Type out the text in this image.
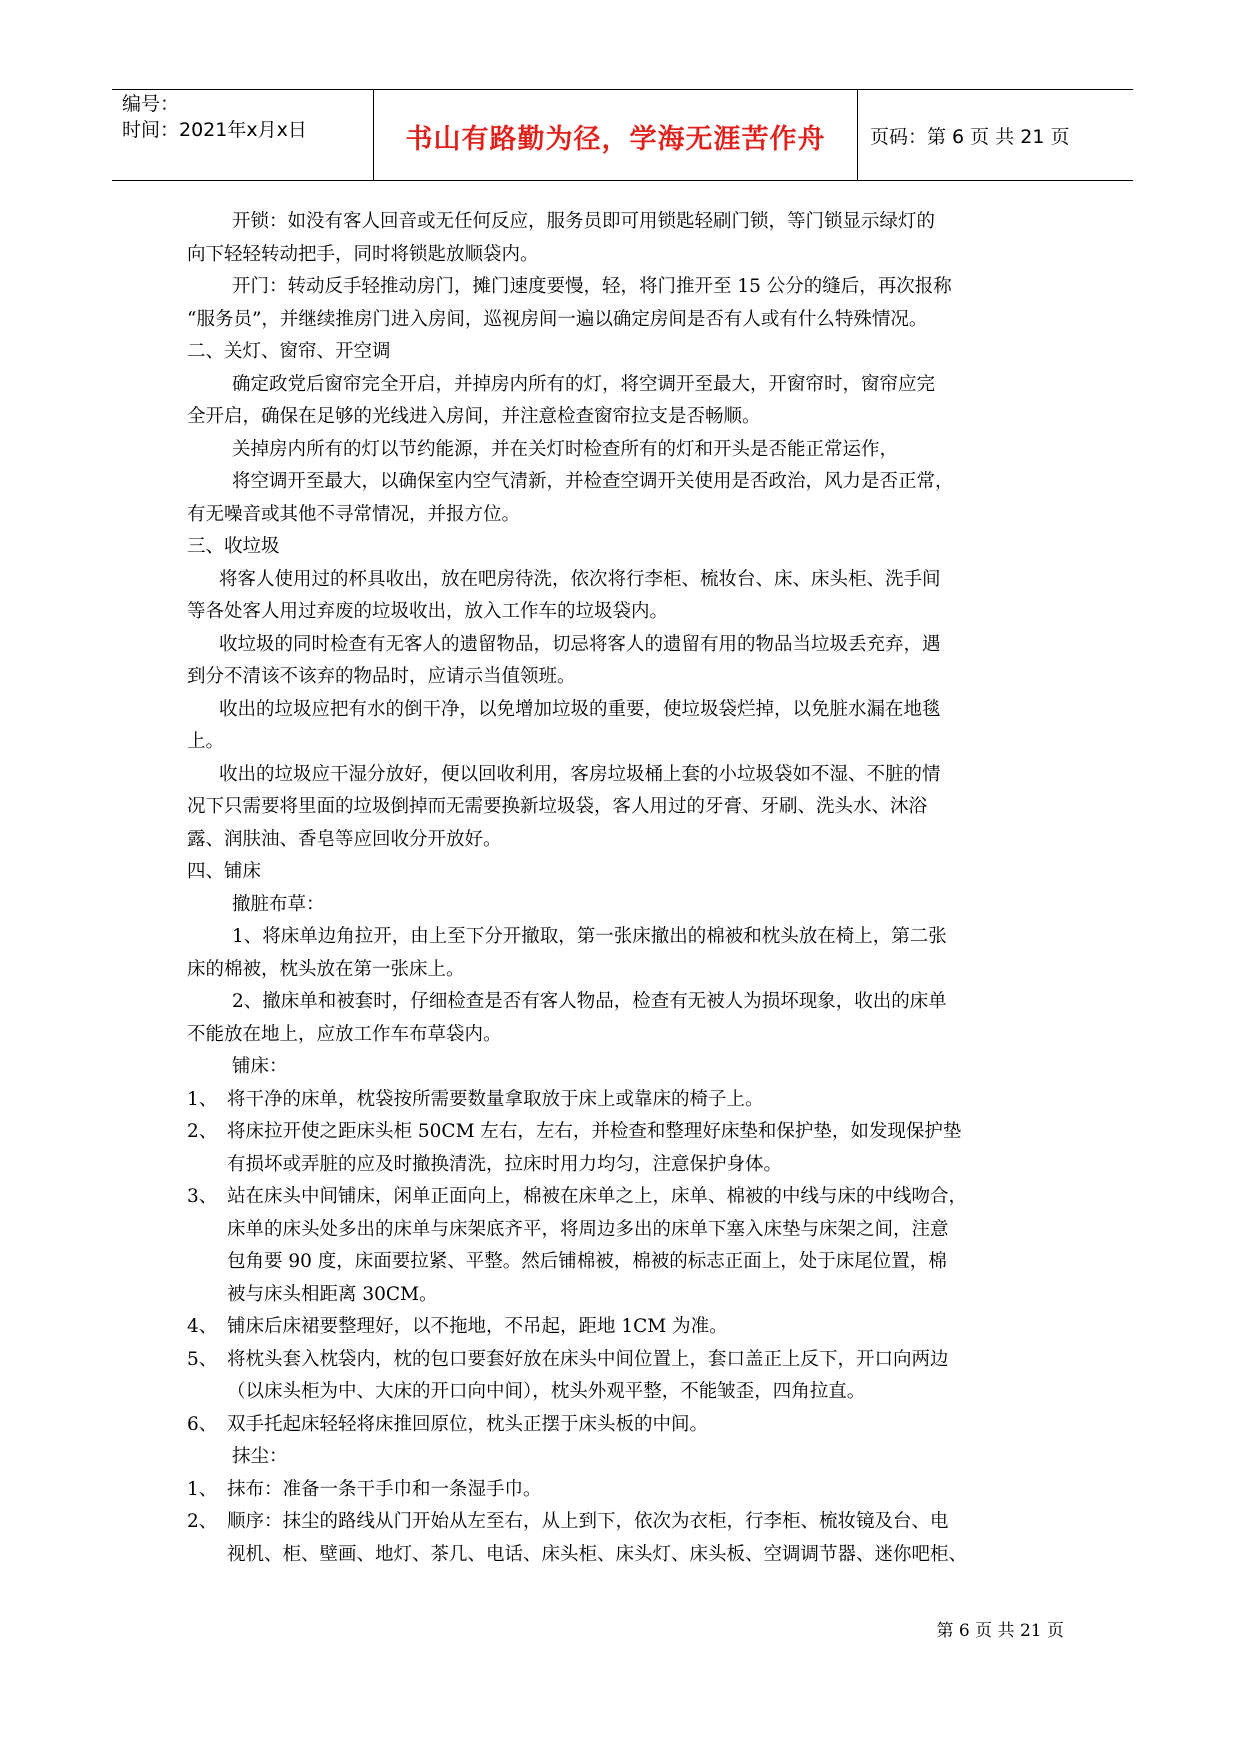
编号：
时间：2021年x月x日	书山有路勤为径，学海无涯苦作舟 页码：第 6 页 共 21 页

开锁：如没有客人回音或无任何反应，服务员即可用锁匙轻刷门锁，等门锁显示绿灯的

向下轻轻转动把手，同时将锁匙放顺袋内。

开门：转动反手轻推动房门，摊门速度要慢，轻，将门推开至 15 公分的缝后，再次报称

“服务员”，并继续推房门进入房间，巡视房间一遍以确定房间是否有人或有什么特殊情况。

二、关灯、窗帘、开空调

确定政党后窗帘完全开启，并掉房内所有的灯，将空调开至最大，开窗帘时，窗帘应完

全开启，确保在足够的光线进入房间，并注意检查窗帘拉支是否畅顺。

关掉房内所有的灯以节约能源，并在关灯时检查所有的灯和开头是否能正常运作，

将空调开至最大，以确保室内空气清新，并检查空调开关使用是否政治，风力是否正常，

有无噪音或其他不寻常情况，并报方位。

三、收垃圾

将客人使用过的杯具收出，放在吧房待洗，依次将行李柜、梳妆台、床、床头柜、洗手间

等各处客人用过弃废的垃圾收出，放入工作车的垃圾袋内。

收垃圾的同时检查有无客人的遗留物品，切忌将客人的遗留有用的物品当垃圾丢充弃，遇

到分不清该不该弃的物品时，应请示当值领班。

收出的垃圾应把有水的倒干净，以免增加垃圾的重要，使垃圾袋烂掉，以免脏水漏在地毯

上。

收出的垃圾应干湿分放好，便以回收利用，客房垃圾桶上套的小垃圾袋如不湿、不脏的情

况下只需要将里面的垃圾倒掉而无需要换新垃圾袋，客人用过的牙膏、牙刷、洗头水、沐浴

露、润肤油、香皂等应回收分开放好。

四、铺床

撤脏布草：

1、将床单边角拉开，由上至下分开撤取，第一张床撤出的棉被和枕头放在椅上，第二张

床的棉被，枕头放在第一张床上。

2、撤床单和被套时，仔细检查是否有客人物品，检查有无被人为损坏现象，收出的床单

不能放在地上，应放工作车布草袋内。

铺床：

1、 将干净的床单，枕袋按所需要数量拿取放于床上或靠床的椅子上。
2、 将床拉开使之距床头柜 50CM 左右，左右，并检查和整理好床垫和保护垫，如发现保护垫
有损坏或弄脏的应及时撤换清洗，拉床时用力均匀，注意保护身体。
3、 站在床头中间铺床，闲单正面向上，棉被在床单之上，床单、棉被的中线与床的中线吻合，
床单的床头处多出的床单与床架底齐平，将周边多出的床单下塞入床垫与床架之间，注意
包角要 90 度，床面要拉紧、平整。然后铺棉被，棉被的标志正面上，处于床尾位置，棉
被与床头相距离 30CM。
4、 铺床后床裙要整理好，以不拖地，不吊起，距地 1CM 为准。
5、 将枕头套入枕袋内，枕的包口要套好放在床头中间位置上，套口盖正上反下，开口向两边
（以床头柜为中、大床的开口向中间），枕头外观平整，不能皱歪，四角拉直。
6、 双手托起床轻轻将床推回原位，枕头正摆于床头板的中间。

抹尘：

1、 抹布：准备一条干手巾和一条湿手巾。
2、 顺序：抹尘的路线从门开始从左至右，从上到下，依次为衣柜，行李柜、梳妆镜及台、电
视机、柜、壁画、地灯、茶几、电话、床头柜、床头灯、床头板、空调调节器、迷你吧柜、
第 6 页 共 21 页
